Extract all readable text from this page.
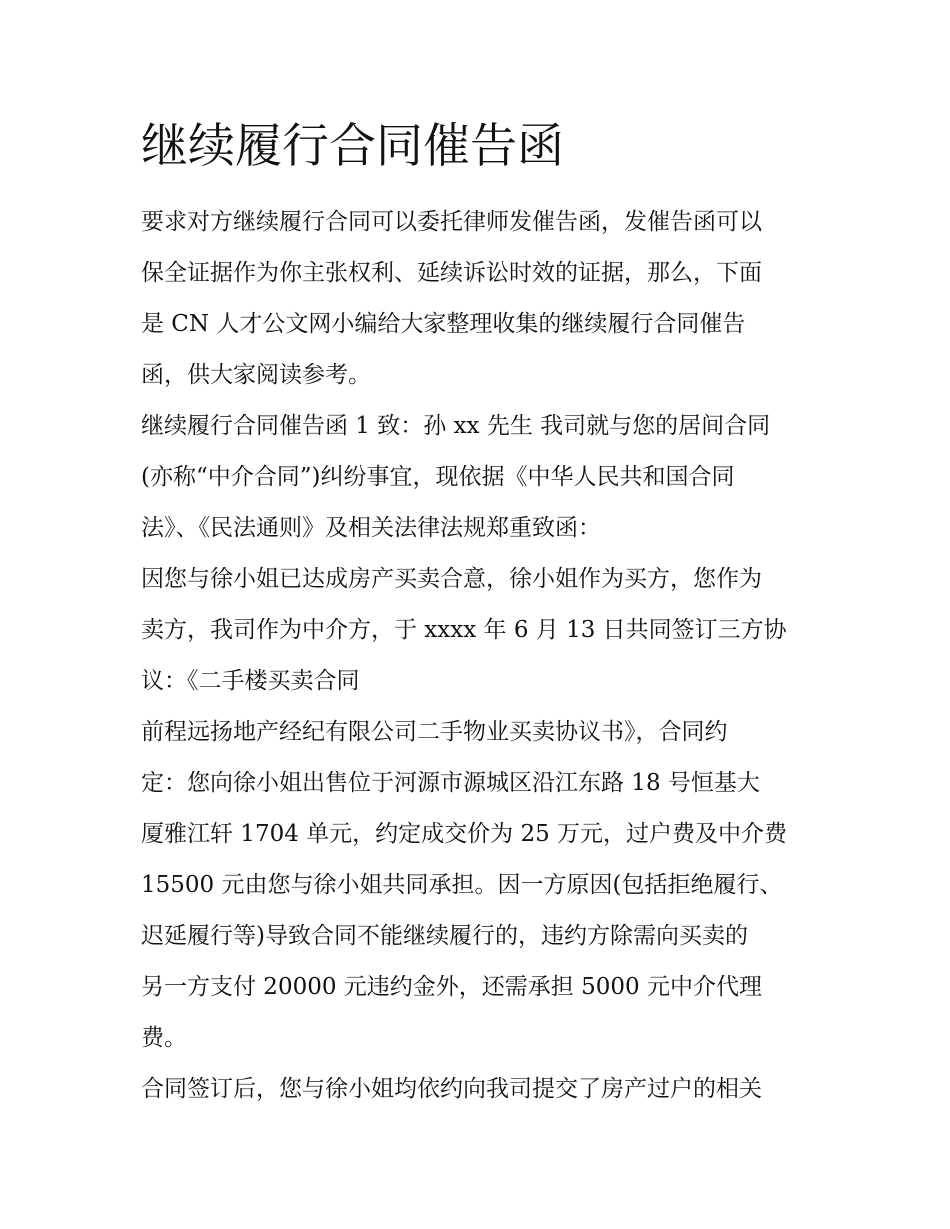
继续履行合同催告函

要求对方继续履行合同可以委托律师发催告函，发催告函可以

保全证据作为你主张权利、延续诉讼时效的证据，那么，下面

是 CN 人才公文网小编给大家整理收集的继续履行合同催告

函，供大家阅读参考。

继续履行合同催告函 1 致：孙 xx 先生 我司就与您的居间合同

(亦称“中介合同”)纠纷事宜，现依据《中华人民共和国合同

法》、《民法通则》及相关法律法规郑重致函：

因您与徐小姐已达成房产买卖合意，徐小姐作为买方，您作为

卖方，我司作为中介方，于 xxxx 年 6 月 13 日共同签订三方协

议：《二手楼买卖合同

前程远扬地产经纪有限公司二手物业买卖协议书》，合同约

定：您向徐小姐出售位于河源市源城区沿江东路 18 号恒基大

厦雅江轩 1704 单元，约定成交价为 25 万元，过户费及中介费

15500 元由您与徐小姐共同承担。因一方原因(包括拒绝履行、

迟延履行等)导致合同不能继续履行的，违约方除需向买卖的

另一方支付 20000 元违约金外，还需承担 5000 元中介代理

费。

合同签订后，您与徐小姐均依约向我司提交了房产过户的相关
